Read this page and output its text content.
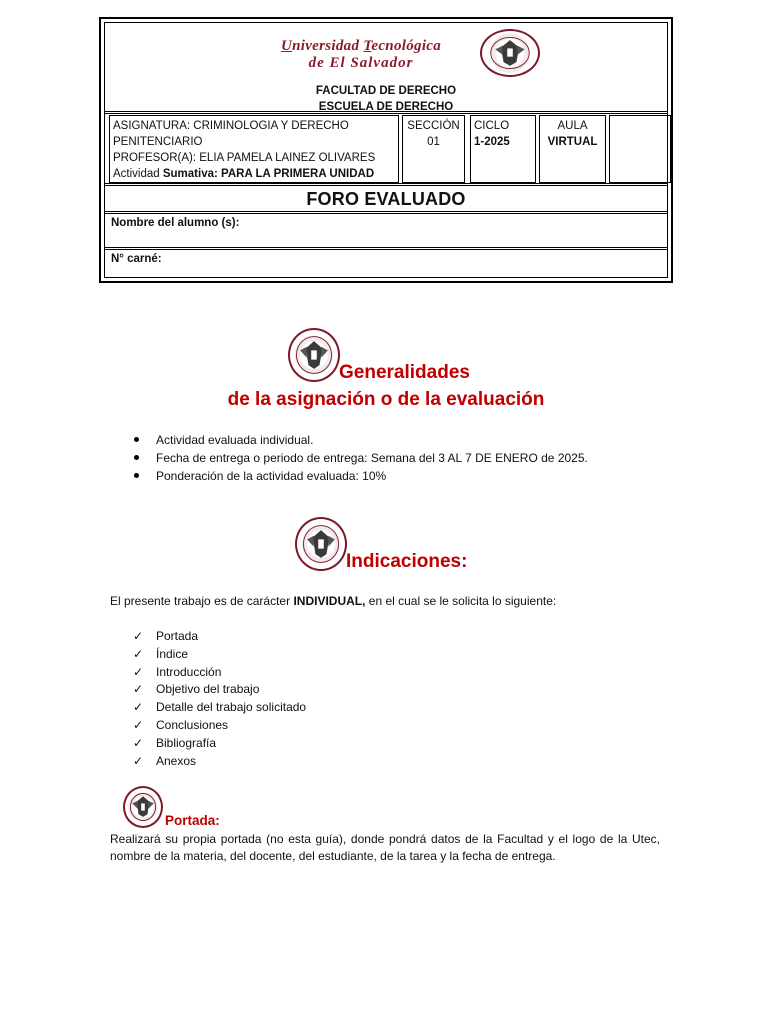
Universidad Tecnológica
de El Salvador
FACULTAD DE DERECHO
ESCUELA DE DERECHO
ASIGNATURA: CRIMINOLOGIA Y DERECHO
PENITENCIARIO
PROFESOR(A): ELIA PAMELA LAINEZ OLIVARES
Actividad Sumativa: PARA LA PRIMERA UNIDAD
SECCIÓN
01
CICLO
1-2025
AULA
VIRTUAL
FORO EVALUADO
Nombre del alumno (s):
N° carné:
Generalidades
de la asignación o de la evaluación
Actividad evaluada individual.
Fecha de entrega o periodo de entrega: Semana del 3 AL 7 DE ENERO de 2025.
Ponderación de la actividad evaluada: 10%
Indicaciones:
El presente trabajo es de carácter INDIVIDUAL, en el cual se le solicita lo siguiente:
✓ Portada
✓ Índice
✓ Introducción
✓ Objetivo del trabajo
✓ Detalle del trabajo solicitado
✓ Conclusiones
✓ Bibliografía
✓ Anexos
Portada:
Realizará su propia portada (no esta guía), donde pondrá datos de la Facultad y el logo de la Utec, nombre de la materia, del docente, del estudiante, de la tarea y la fecha de entrega.
